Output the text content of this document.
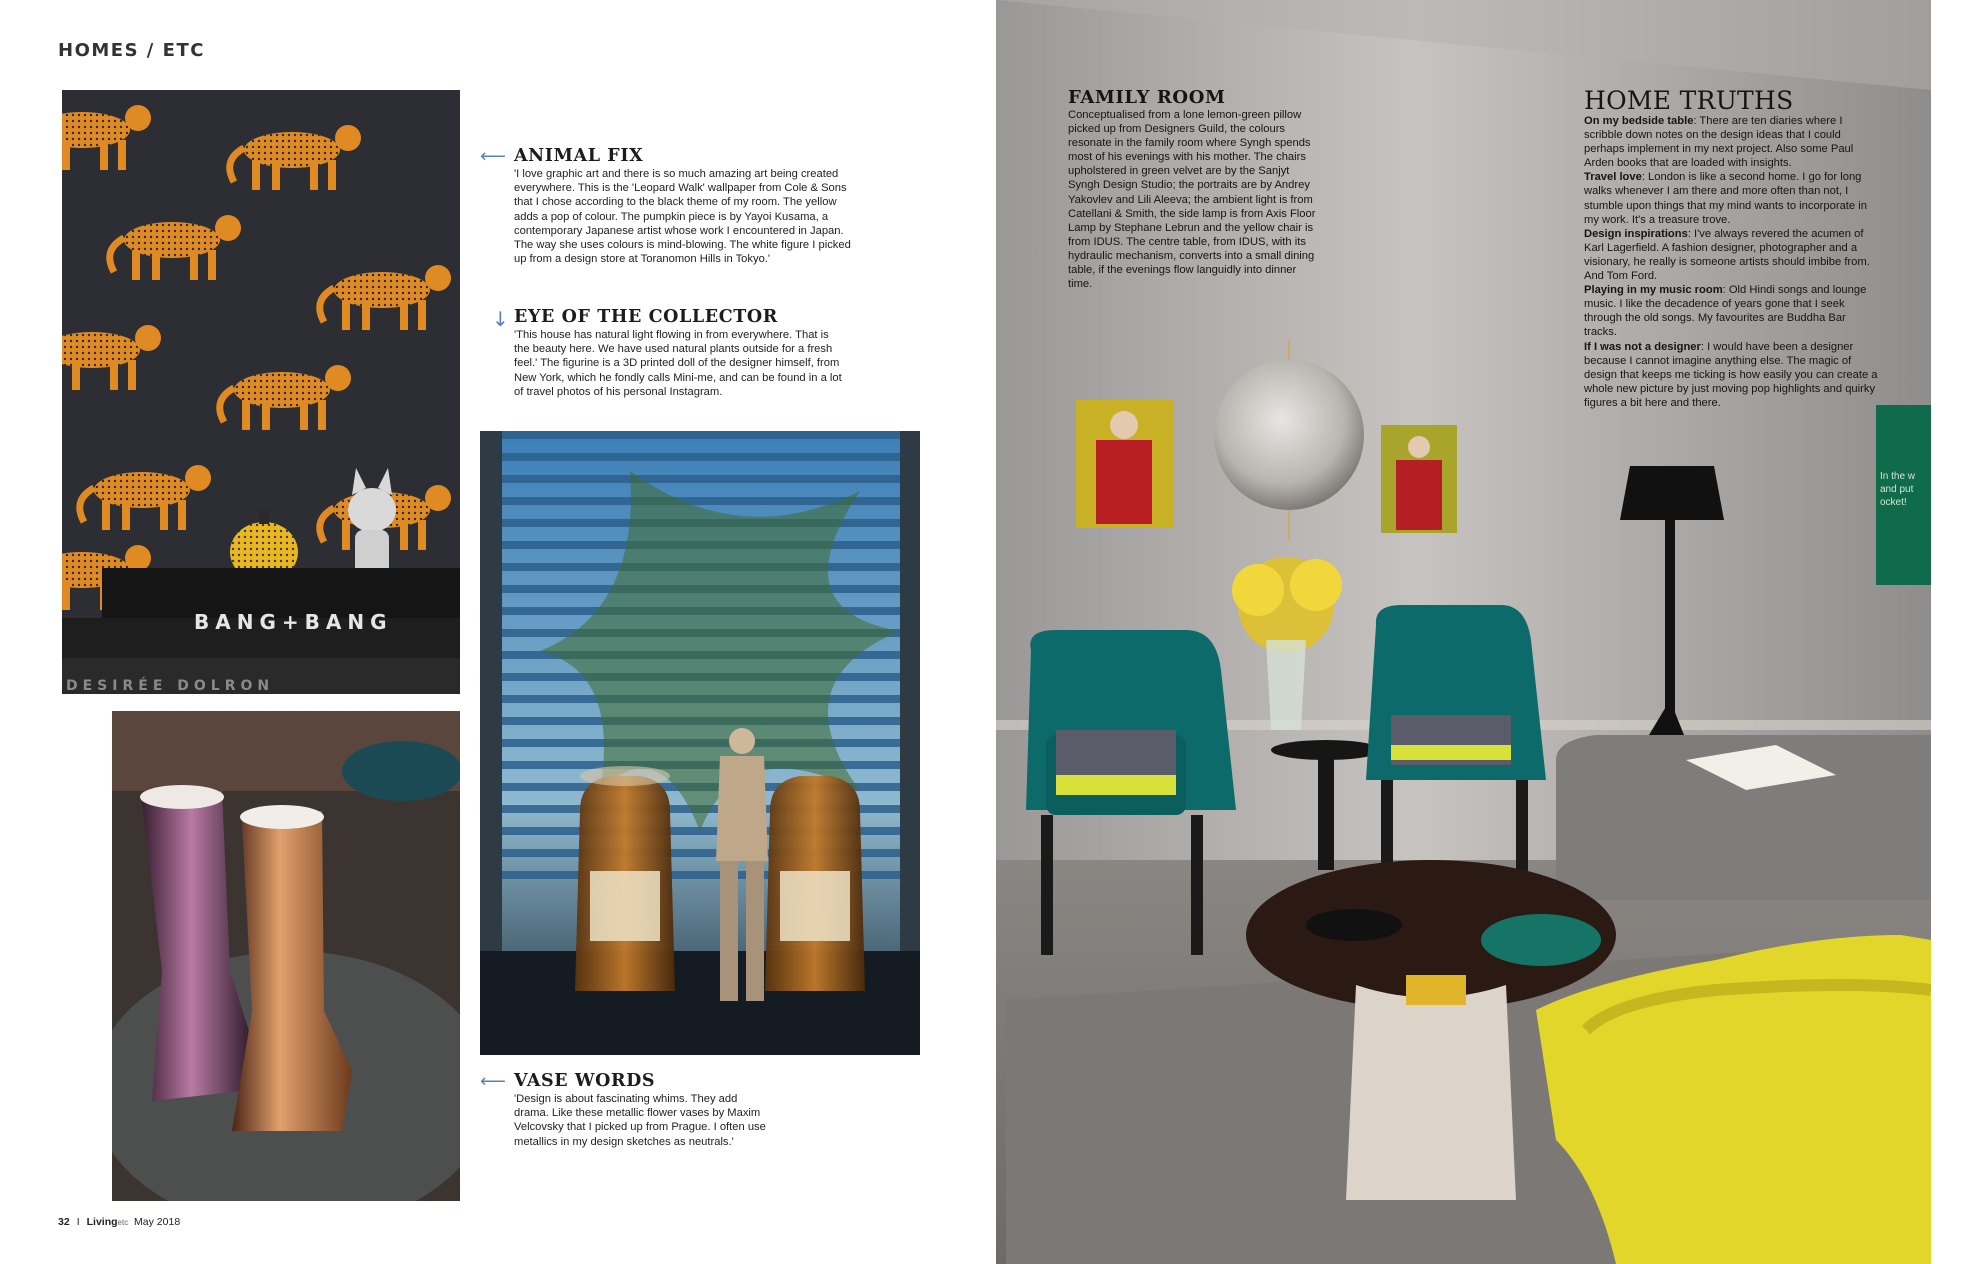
HOMES / ETC
BANG+BANG
DESIRÉE DOLRON
⟵ ANIMAL FIX
'I love graphic art and there is so much amazing art being created everywhere. This is the 'Leopard Walk' wallpaper from Cole & Sons that I chose according to the black theme of my room. The yellow adds a pop of colour. The pumpkin piece is by Yayoi Kusama, a contemporary Japanese artist whose work I encountered in Japan. The way she uses colours is mind-blowing. The white figure I picked up from a design store at Toranomon Hills in Tokyo.'
↓ EYE OF THE COLLECTOR
'This house has natural light flowing in from everywhere. That is the beauty here. We have used natural plants outside for a fresh feel.' The figurine is a 3D printed doll of the designer himself, from New York, which he fondly calls Mini-me, and can be found in a lot of travel photos of his personal Instagram.
⟵ VASE WORDS
'Design is about fascinating whims. They add drama. Like these metallic flower vases by Maxim Velcovsky that I picked up from Prague. I often use metallics in my design sketches as neutrals.'
32 I Livingetc May 2018
In the w
and put
ocket!
FAMILY ROOM
Conceptualised from a lone lemon-green pillow picked up from Designers Guild, the colours resonate in the family room where Syngh spends most of his evenings with his mother. The chairs upholstered in green velvet are by the Sanjyt Syngh Design Studio; the portraits are by Andrey Yakovlev and Lili Aleeva; the ambient light is from Catellani & Smith, the side lamp is from Axis Floor Lamp by Stephane Lebrun and the yellow chair is from IDUS. The centre table, from IDUS, with its hydraulic mechanism, converts into a small dining table, if the evenings flow languidly into dinner time.
HOME TRUTHS
On my bedside table: There are ten diaries where I scribble down notes on the design ideas that I could perhaps implement in my next project. Also some Paul Arden books that are loaded with insights.
Travel love: London is like a second home. I go for long walks whenever I am there and more often than not, I stumble upon things that my mind wants to incorporate in my work. It's a treasure trove.
Design inspirations: I've always revered the acumen of Karl Lagerfield. A fashion designer, photographer and a visionary, he really is someone artists should imbibe from. And Tom Ford.
Playing in my music room: Old Hindi songs and lounge music. I like the decadence of years gone that I seek through the old songs. My favourites are Buddha Bar tracks.
If I was not a designer: I would have been a designer because I cannot imagine anything else. The magic of design that keeps me ticking is how easily you can create a whole new picture by just moving pop highlights and quirky figures a bit here and there.
